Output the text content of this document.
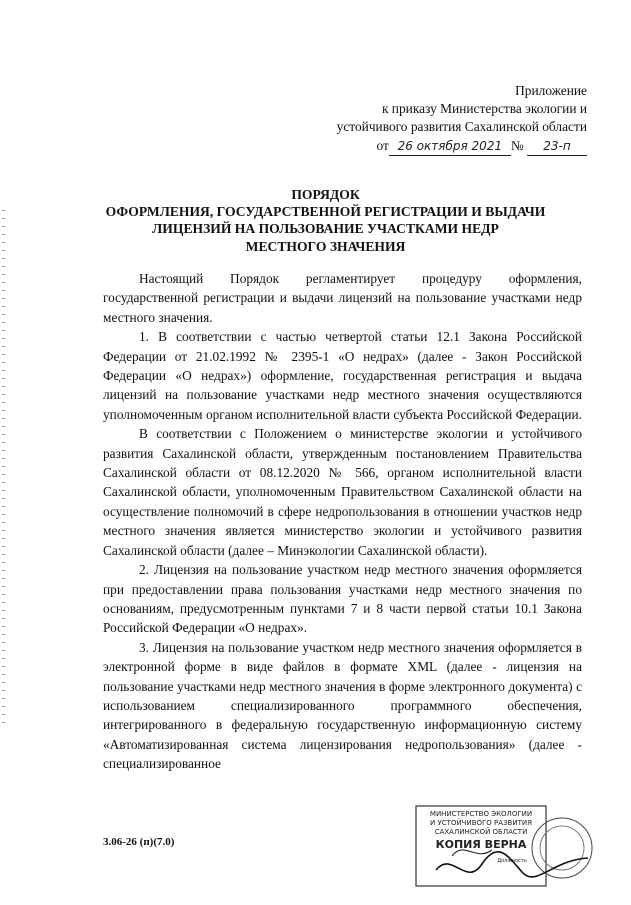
Приложение
к приказу Министерства экологии и
устойчивого развития Сахалинской области
от 26 октября 2021 № 23-п
ПОРЯДОК
ОФОРМЛЕНИЯ, ГОСУДАРСТВЕННОЙ РЕГИСТРАЦИИ И ВЫДАЧИ
ЛИЦЕНЗИЙ НА ПОЛЬЗОВАНИЕ УЧАСТКАМИ НЕДР
МЕСТНОГО ЗНАЧЕНИЯ

Настоящий Порядок регламентирует процедуру оформления, государственной регистрации и выдачи лицензий на пользование участками недр местного значения.

1. В соответствии с частью четвертой статьи 12.1 Закона Российской Федерации от 21.02.1992 № 2395-1 «О недрах» (далее - Закон Российской Федерации «О недрах») оформление, государственная регистрация и выдача лицензий на пользование участками недр местного значения осуществляются уполномоченным органом исполнительной власти субъекта Российской Федерации.

В соответствии с Положением о министерстве экологии и устойчивого развития Сахалинской области, утвержденным постановлением Правительства Сахалинской области от 08.12.2020 № 566, органом исполнительной власти Сахалинской области, уполномоченным Правительством Сахалинской области на осуществление полномочий в сфере недропользования в отношении участков недр местного значения является министерство экологии и устойчивого развития Сахалинской области (далее – Минэкологии Сахалинской области).

2. Лицензия на пользование участком недр местного значения оформляется при предоставлении права пользования участками недр местного значения по основаниям, предусмотренным пунктами 7 и 8 части первой статьи 10.1 Закона Российской Федерации «О недрах».

3. Лицензия на пользование участком недр местного значения оформляется в электронной форме в виде файлов в формате XML (далее - лицензия на пользование участками недр местного значения в форме электронного документа) с использованием специализированного программного обеспечения, интегрированного в федеральную государственную информационную систему «Автоматизированная система лицензирования недропользования» (далее - специализированное

3.06-26 (п)(7.0)
МИНИСТЕРСТВО ЭКОЛОГИИ
И УСТОЙЧИВОГО РАЗВИТИЯ
САХАЛИНСКОЙ ОБЛАСТИ
КОПИЯ ВЕРНА
Должность
